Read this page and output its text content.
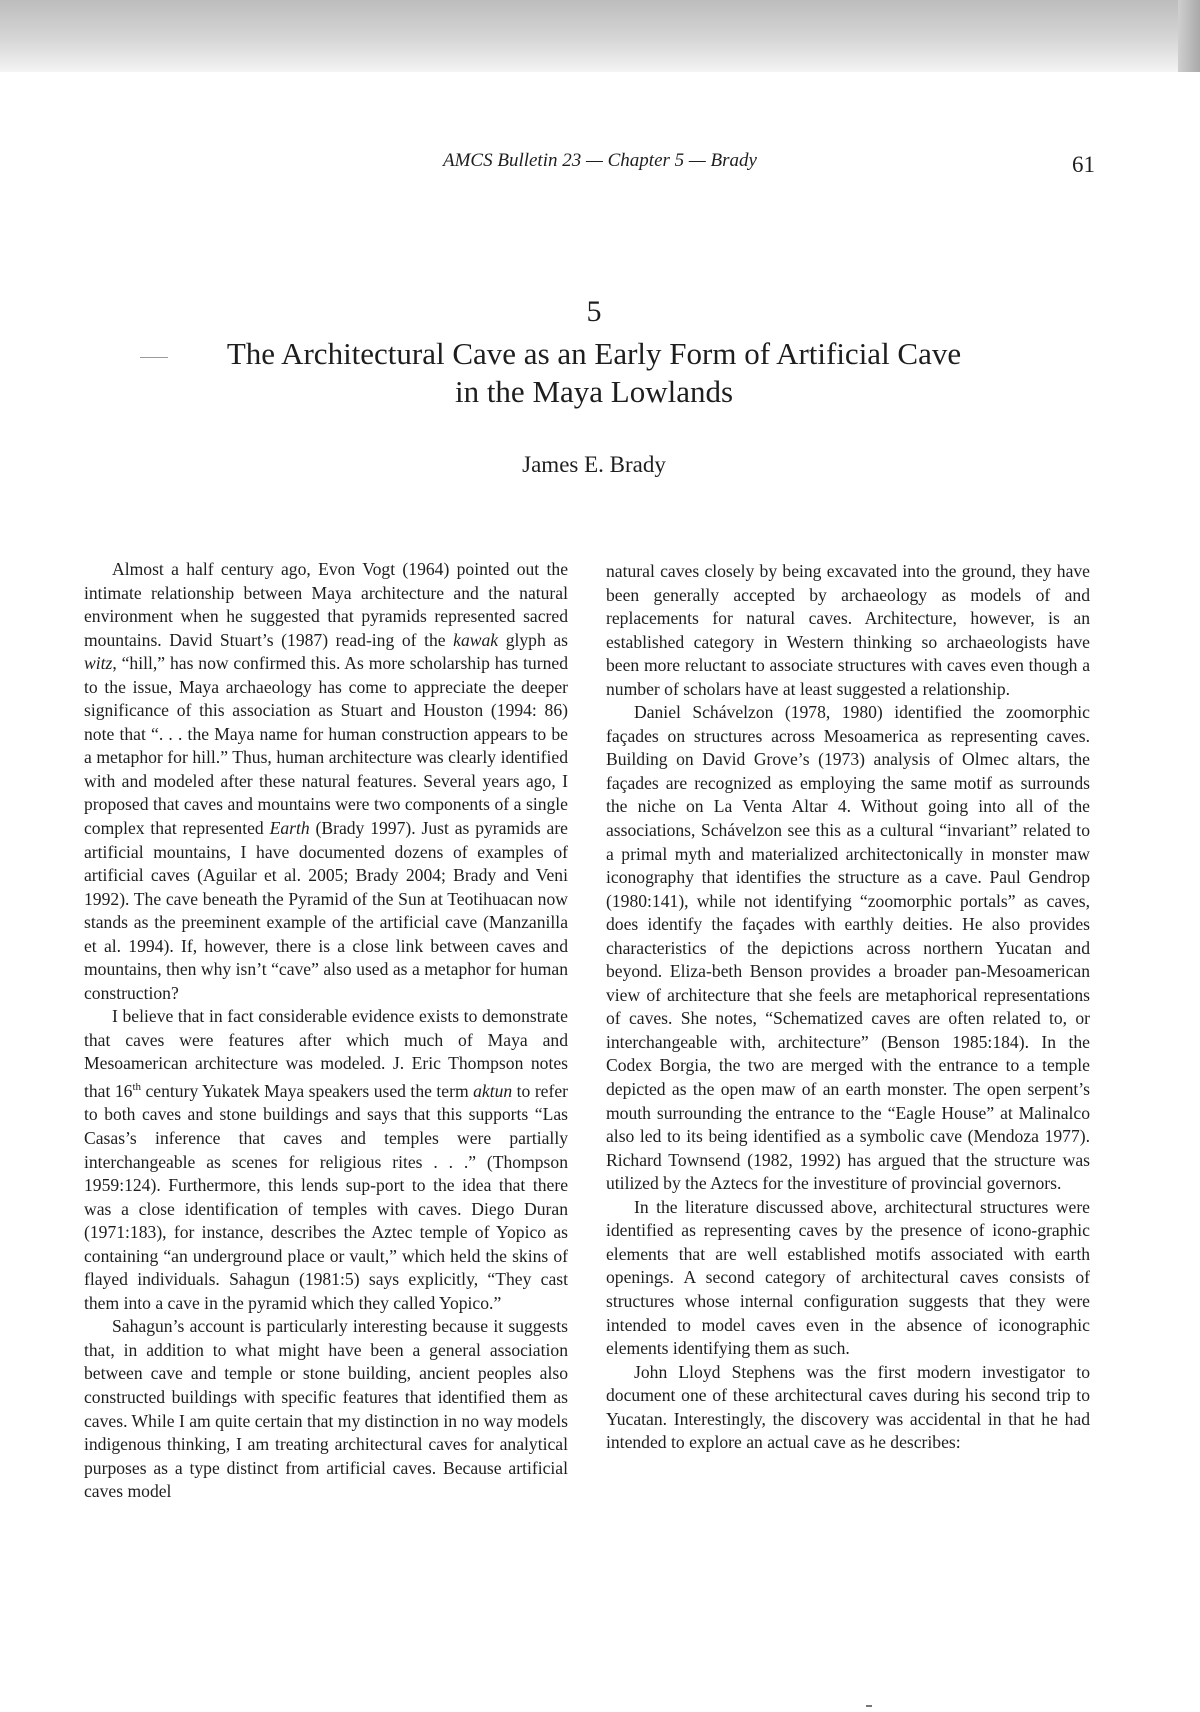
AMCS Bulletin 23 — Chapter 5 — Brady	61
5
The Architectural Cave as an Early Form of Artificial Cave
in the Maya Lowlands
James E. Brady

Almost a half century ago, Evon Vogt (1964) pointed out the intimate relationship between Maya architecture and the natural environment when he suggested that pyramids represented sacred mountains. David Stuart’s (1987) read-ing of the kawak glyph as witz, “hill,” has now confirmed this. As more scholarship has turned to the issue, Maya archaeology has come to appreciate the deeper significance of this association as Stuart and Houston (1994: 86) note that “. . . the Maya name for human construction appears to be a metaphor for hill.” Thus, human architecture was clearly identified with and modeled after these natural features. Several years ago, I proposed that caves and mountains were two components of a single complex that represented Earth (Brady 1997). Just as pyramids are artificial mountains, I have documented dozens of examples of artificial caves (Aguilar et al. 2005; Brady 2004; Brady and Veni 1992). The cave beneath the Pyramid of the Sun at Teotihuacan now stands as the preeminent example of the artificial cave (Manzanilla et al. 1994). If, however, there is a close link between caves and mountains, then why isn’t “cave” also used as a metaphor for human construction?

I believe that in fact considerable evidence exists to demonstrate that caves were features after which much of Maya and Mesoamerican architecture was modeled. J. Eric Thompson notes that 16th century Yukatek Maya speakers used the term aktun to refer to both caves and stone buildings and says that this supports “Las Casas’s inference that caves and temples were partially interchangeable as scenes for religious rites . . .” (Thompson 1959:124). Furthermore, this lends sup-port to the idea that there was a close identification of temples with caves. Diego Duran (1971:183), for instance, describes the Aztec temple of Yopico as containing “an underground place or vault,” which held the skins of flayed individuals. Sahagun (1981:5) says explicitly, “They cast them into a cave in the pyramid which they called Yopico.”

Sahagun’s account is particularly interesting because it suggests that, in addition to what might have been a general association between cave and temple or stone building, ancient peoples also constructed buildings with specific features that identified them as caves. While I am quite certain that my distinction in no way models indigenous thinking, I am treating architectural caves for analytical purposes as a type distinct from artificial caves. Because artificial caves model

natural caves closely by being excavated into the ground, they have been generally accepted by archaeology as models of and replacements for natural caves. Architecture, however, is an established category in Western thinking so archaeologists have been more reluctant to associate structures with caves even though a number of scholars have at least suggested a relationship.

Daniel Schávelzon (1978, 1980) identified the zoomorphic façades on structures across Mesoamerica as representing caves. Building on David Grove’s (1973) analysis of Olmec altars, the façades are recognized as employing the same motif as surrounds the niche on La Venta Altar 4. Without going into all of the associations, Schávelzon see this as a cultural “invariant” related to a primal myth and materialized architectonically in monster maw iconography that identifies the structure as a cave. Paul Gendrop (1980:141), while not identifying “zoomorphic portals” as caves, does identify the façades with earthly deities. He also provides characteristics of the depictions across northern Yucatan and beyond. Eliza-beth Benson provides a broader pan-Mesoamerican view of architecture that she feels are metaphorical representations of caves. She notes, “Schematized caves are often related to, or interchangeable with, architecture” (Benson 1985:184). In the Codex Borgia, the two are merged with the entrance to a temple depicted as the open maw of an earth monster. The open serpent’s mouth surrounding the entrance to the “Eagle House” at Malinalco also led to its being identified as a symbolic cave (Mendoza 1977). Richard Townsend (1982, 1992) has argued that the structure was utilized by the Aztecs for the investiture of provincial governors.

In the literature discussed above, architectural structures were identified as representing caves by the presence of icono-graphic elements that are well established motifs associated with earth openings. A second category of architectural caves consists of structures whose internal configuration suggests that they were intended to model caves even in the absence of iconographic elements identifying them as such.

John Lloyd Stephens was the first modern investigator to document one of these architectural caves during his second trip to Yucatan. Interestingly, the discovery was accidental in that he had intended to explore an actual cave as he describes:
